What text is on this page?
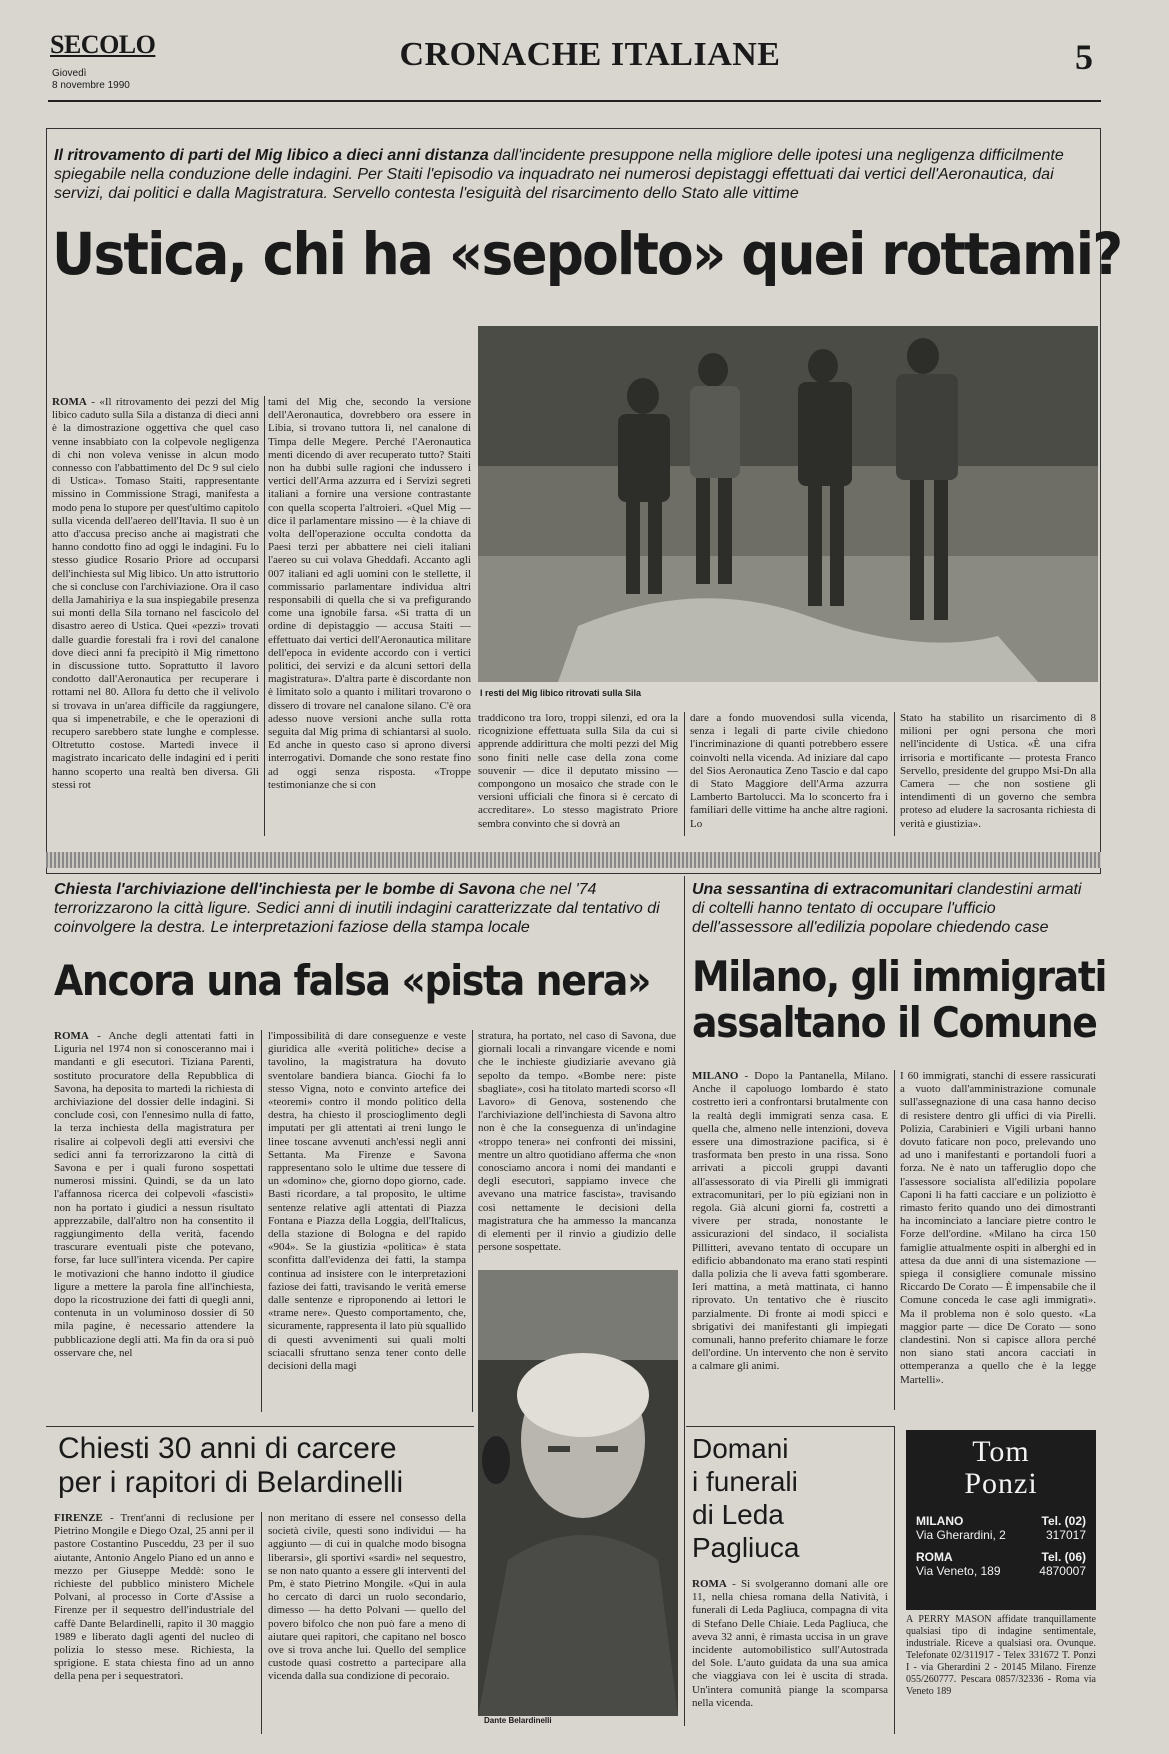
SECOLO
Giovedì
8 novembre 1990
CRONACHE ITALIANE	5
Il ritrovamento di parti del Mig libico a dieci anni distanza dall'incidente presuppone nella migliore delle ipotesi una negligenza difficilmente spiegabile nella conduzione delle indagini. Per Staiti l'episodio va inquadrato nei numerosi depistaggi effettuati dai vertici dell'Aeronautica, dai servizi, dai politici e dalla Magistratura. Servello contesta l'esiguità del risarcimento dello Stato alle vittime
Ustica, chi ha «sepolto» quei rottami?
I resti del Mig libico ritrovati sulla Sila
ROMA - «Il ritrovamento dei pezzi del Mig libico caduto sulla Sila a distanza di dieci anni è la dimostrazione oggettiva che quel caso venne insabbiato con la colpevole negligenza di chi non voleva venisse in alcun modo connesso con l'abbattimento del Dc 9 sul cielo di Ustica». Tomaso Staiti, rappresentante missino in Commissione Stragi, manifesta a modo pena lo stupore per quest'ultimo capitolo sulla vicenda dell'aereo dell'Itavia. Il suo è un atto d'accusa preciso anche ai magistrati che hanno condotto fino ad oggi le indagini. Fu lo stesso giudice Rosario Priore ad occuparsi dell'inchiesta sul Mig libico. Un atto istruttorio che si concluse con l'archiviazione. Ora il caso della Jamahiriya e la sua inspiegabile presenza sui monti della Sila tornano nel fascicolo del disastro aereo di Ustica. Quei «pezzi» trovati dalle guardie forestali fra i rovi del canalone dove dieci anni fa precipitò il Mig rimettono in discussione tutto. Soprattutto il lavoro condotto dall'Aeronautica per recuperare i rottami nel 80. Allora fu detto che il velivolo si trovava in un'area difficile da raggiungere, qua si impenetrabile, e che le operazioni di recupero sarebbero state lunghe e complesse. Oltretutto costose. Martedì invece il magistrato incaricato delle indagini ed i periti hanno scoperto una realtà ben diversa. Gli stessi rot
tami del Mig che, secondo la versione dell'Aeronautica, dovrebbero ora essere in Libia, si trovano tuttora lì, nel canalone di Timpa delle Megere. Perché l'Aeronautica mentì dicendo di aver recuperato tutto? Staiti non ha dubbi sulle ragioni che indussero i vertici dell'Arma azzurra ed i Servizi segreti italiani a fornire una versione contrastante con quella scoperta l'altroieri. «Quel Mig — dice il parlamentare missino — è la chiave di volta dell'operazione occulta condotta da Paesi terzi per abbattere nei cieli italiani l'aereo su cui volava Gheddafi. Accanto agli 007 italiani ed agli uomini con le stellette, il commissario parlamentare individua altri responsabili di quella che si va prefigurando come una ignobile farsa. «Si tratta di un ordine di depistaggio — accusa Staiti — effettuato dai vertici dell'Aeronautica militare dell'epoca in evidente accordo con i vertici politici, dei servizi e da alcuni settori della magistratura». D'altra parte è discordante non è limitato solo a quanto i militari trovarono o dissero di trovare nel canalone silano. C'è ora adesso nuove versioni anche sulla rotta seguita dal Mig prima di schiantarsi al suolo. Ed anche in questo caso si aprono diversi interrogativi. Domande che sono restate fino ad oggi senza risposta. «Troppe testimonianze che si con
traddicono tra loro, troppi silenzi, ed ora la ricognizione effettuata sulla Sila da cui si apprende addirittura che molti pezzi del Mig sono finiti nelle case della zona come souvenir — dice il deputato missino — compongono un mosaico che strade con le versioni ufficiali che finora si è cercato di accreditare». Lo stesso magistrato Priore sembra convinto che si dovrà an
dare a fondo muovendosi sulla vicenda, senza i legali di parte civile chiedono l'incriminazione di quanti potrebbero essere coinvolti nella vicenda. Ad iniziare dal capo del Sios Aeronautica Zeno Tascio e dal capo di Stato Maggiore dell'Arma azzurra Lamberto Bartolucci. Ma lo sconcerto fra i familiari delle vittime ha anche altre ragioni. Lo
Stato ha stabilito un risarcimento di 8 milioni per ogni persona che morì nell'incidente di Ustica. «È una cifra irrisoria e mortificante — protesta Franco Servello, presidente del gruppo Msi-Dn alla Camera — che non sostiene gli intendimenti di un governo che sembra proteso ad eludere la sacrosanta richiesta di verità e giustizia».
Chiesta l'archiviazione dell'inchiesta per le bombe di Savona che nel '74 terrorizzarono la città ligure. Sedici anni di inutili indagini caratterizzate dal tentativo di coinvolgere la destra. Le interpretazioni faziose della stampa locale
Ancora una falsa «pista nera»
ROMA - Anche degli attentati fatti in Liguria nel 1974 non si conosceranno mai i mandanti e gli esecutori. Tiziana Parenti, sostituto procuratore della Repubblica di Savona, ha deposita to martedì la richiesta di archiviazione del dossier delle indagini. Si conclude così, con l'ennesimo nulla di fatto, la terza inchiesta della magistratura per risalire ai colpevoli degli atti eversivi che sedici anni fa terrorizzarono la città di Savona e per i quali furono sospettati numerosi missini. Quindi, se da un lato l'affannosa ricerca dei colpevoli «fascisti» non ha portato i giudici a nessun risultato apprezzabile, dall'altro non ha consentito il raggiungimento della verità, facendo trascurare eventuali piste che potevano, forse, far luce sull'intera vicenda. Per capire le motivazioni che hanno indotto il giudice ligure a mettere la parola fine all'inchiesta, dopo la ricostruzione dei fatti di quegli anni, contenuta in un voluminoso dossier di 50 mila pagine, è necessario attendere la pubblicazione degli atti. Ma fin da ora si può osservare che, nel
l'impossibilità di dare conseguenze e veste giuridica alle «verità politiche» decise a tavolino, la magistratura ha dovuto sventolare bandiera bianca. Giochi fa lo stesso Vigna, noto e convinto artefice dei «teoremi» contro il mondo politico della destra, ha chiesto il proscioglimento degli imputati per gli attentati ai treni lungo le linee toscane avvenuti anch'essi negli anni Settanta. Ma Firenze e Savona rappresentano solo le ultime due tessere di un «domino» che, giorno dopo giorno, cade. Basti ricordare, a tal proposito, le ultime sentenze relative agli attentati di Piazza Fontana e Piazza della Loggia, dell'Italicus, della stazione di Bologna e del rapido «904». Se la giustizia «politica» è stata sconfitta dall'evidenza dei fatti, la stampa continua ad insistere con le interpretazioni faziose dei fatti, travisando le verità emerse dalle sentenze e riproponendo ai lettori le «trame nere». Questo comportamento, che, sicuramente, rappresenta il lato più squallido di questi avvenimenti sui quali molti sciacalli sfruttano senza tener conto delle decisioni della magi
stratura, ha portato, nel caso di Savona, due giornali locali a rinvangare vicende e nomi che le inchieste giudiziarie avevano già sepolto da tempo. «Bombe nere: piste sbagliate», così ha titolato martedì scorso «Il Lavoro» di Genova, sostenendo che l'archiviazione dell'inchiesta di Savona altro non è che la conseguenza di un'indagine «troppo tenera» nei confronti dei missini, mentre un altro quotidiano afferma che «non conosciamo ancora i nomi dei mandanti e degli esecutori, sappiamo invece che avevano una matrice fascista», travisando così nettamente le decisioni della magistratura che ha ammesso la mancanza di elementi per il rinvio a giudizio delle persone sospettate.
Una sessantina di extracomunitari clandestini armati di coltelli hanno tentato di occupare l'ufficio dell'assessore all'edilizia popolare chiedendo case
Milano, gli immigrati
assaltano il Comune
MILANO - Dopo la Pantanella, Milano. Anche il capoluogo lombardo è stato costretto ieri a confrontarsi brutalmente con la realtà degli immigrati senza casa. E quella che, almeno nelle intenzioni, doveva essere una dimostrazione pacifica, si è trasformata ben presto in una rissa. Sono arrivati a piccoli gruppi davanti all'assessorato di via Pirelli gli immigrati extracomunitari, per lo più egiziani non in regola. Già alcuni giorni fa, costretti a vivere per strada, nonostante le assicurazioni del sindaco, il socialista Pillitteri, avevano tentato di occupare un edificio abbandonato ma erano stati respinti dalla polizia che li aveva fatti sgomberare. Ieri mattina, a metà mattinata, ci hanno riprovato. Un tentativo che è riuscito parzialmente. Di fronte ai modi spicci e sbrigativi dei manifestanti gli impiegati comunali, hanno preferito chiamare le forze dell'ordine. Un intervento che non è servito a calmare gli animi.
I 60 immigrati, stanchi di essere rassicurati a vuoto dall'amministrazione comunale sull'assegnazione di una casa hanno deciso di resistere dentro gli uffici di via Pirelli. Polizia, Carabinieri e Vigili urbani hanno dovuto faticare non poco, prelevando uno ad uno i manifestanti e portandoli fuori a forza. Ne è nato un tafferuglio dopo che l'assessore socialista all'edilizia popolare Caponi li ha fatti cacciare e un poliziotto è rimasto ferito quando uno dei dimostranti ha incominciato a lanciare pietre contro le Forze dell'ordine. «Milano ha circa 150 famiglie attualmente ospiti in alberghi ed in attesa da due anni di una sistemazione — spiega il consigliere comunale missino Riccardo De Corato — È impensabile che il Comune conceda le case agli immigrati». Ma il problema non è solo questo. «La maggior parte — dice De Corato — sono clandestini. Non si capisce allora perché non siano stati ancora cacciati in ottemperanza a quello che è la legge Martelli».
Dante Belardinelli
Chiesti 30 anni di carcere
per i rapitori di Belardinelli
FIRENZE - Trent'anni di reclusione per Pietrino Mongile e Diego Ozal, 25 anni per il pastore Costantino Pusceddu, 23 per il suo aiutante, Antonio Angelo Piano ed un anno e mezzo per Giuseppe Meddè: sono le richieste del pubblico ministero Michele Polvani, al processo in Corte d'Assise a Firenze per il sequestro dell'industriale del caffè Dante Belardinelli, rapito il 30 maggio 1989 e liberato dagli agenti del nucleo di polizia lo stesso mese. Richiesta, la sprigione. E stata chiesta fino ad un anno della pena per i sequestratori.
non meritano di essere nel consesso della società civile, questi sono individui — ha aggiunto — di cui in qualche modo bisogna liberarsi», gli sportivi «sardi» nel sequestro, se non nato quanto a essere gli interventi del Pm, è stato Pietrino Mongile. «Qui in aula ho cercato di darci un ruolo secondario, dimesso — ha detto Polvani — quello del povero bifolco che non può fare a meno di aiutare quei rapitori, che capitano nel bosco ove si trova anche lui. Quello del semplice custode quasi costretto a partecipare alla vicenda dalla sua condizione di pecoraio.
Domani
i funerali
di Leda
Pagliuca
ROMA - Si svolgeranno domani alle ore 11, nella chiesa romana della Natività, i funerali di Leda Pagliuca, compagna di vita di Stefano Delle Chiaie. Leda Pagliuca, che aveva 32 anni, è rimasta uccisa in un grave incidente automobilistico sull'Autostrada del Sole. L'auto guidata da una sua amica che viaggiava con lei è uscita di strada. Un'intera comunità piange la scomparsa nella vicenda.
Tom
Ponzi
MILANO	Tel. (02)
Via Gherardini, 2	317017
ROMA	Tel. (06)
Via Veneto, 189	4870007
A PERRY MASON affidate tranquillamente qualsiasi tipo di indagine sentimentale, industriale. Riceve a qualsiasi ora. Ovunque. Telefonate 02/311917 - Telex 331672 T. Ponzi I - via Gherardini 2 - 20145 Milano. Firenze 055/260777. Pescara 0857/32336 - Roma via Veneto 189
